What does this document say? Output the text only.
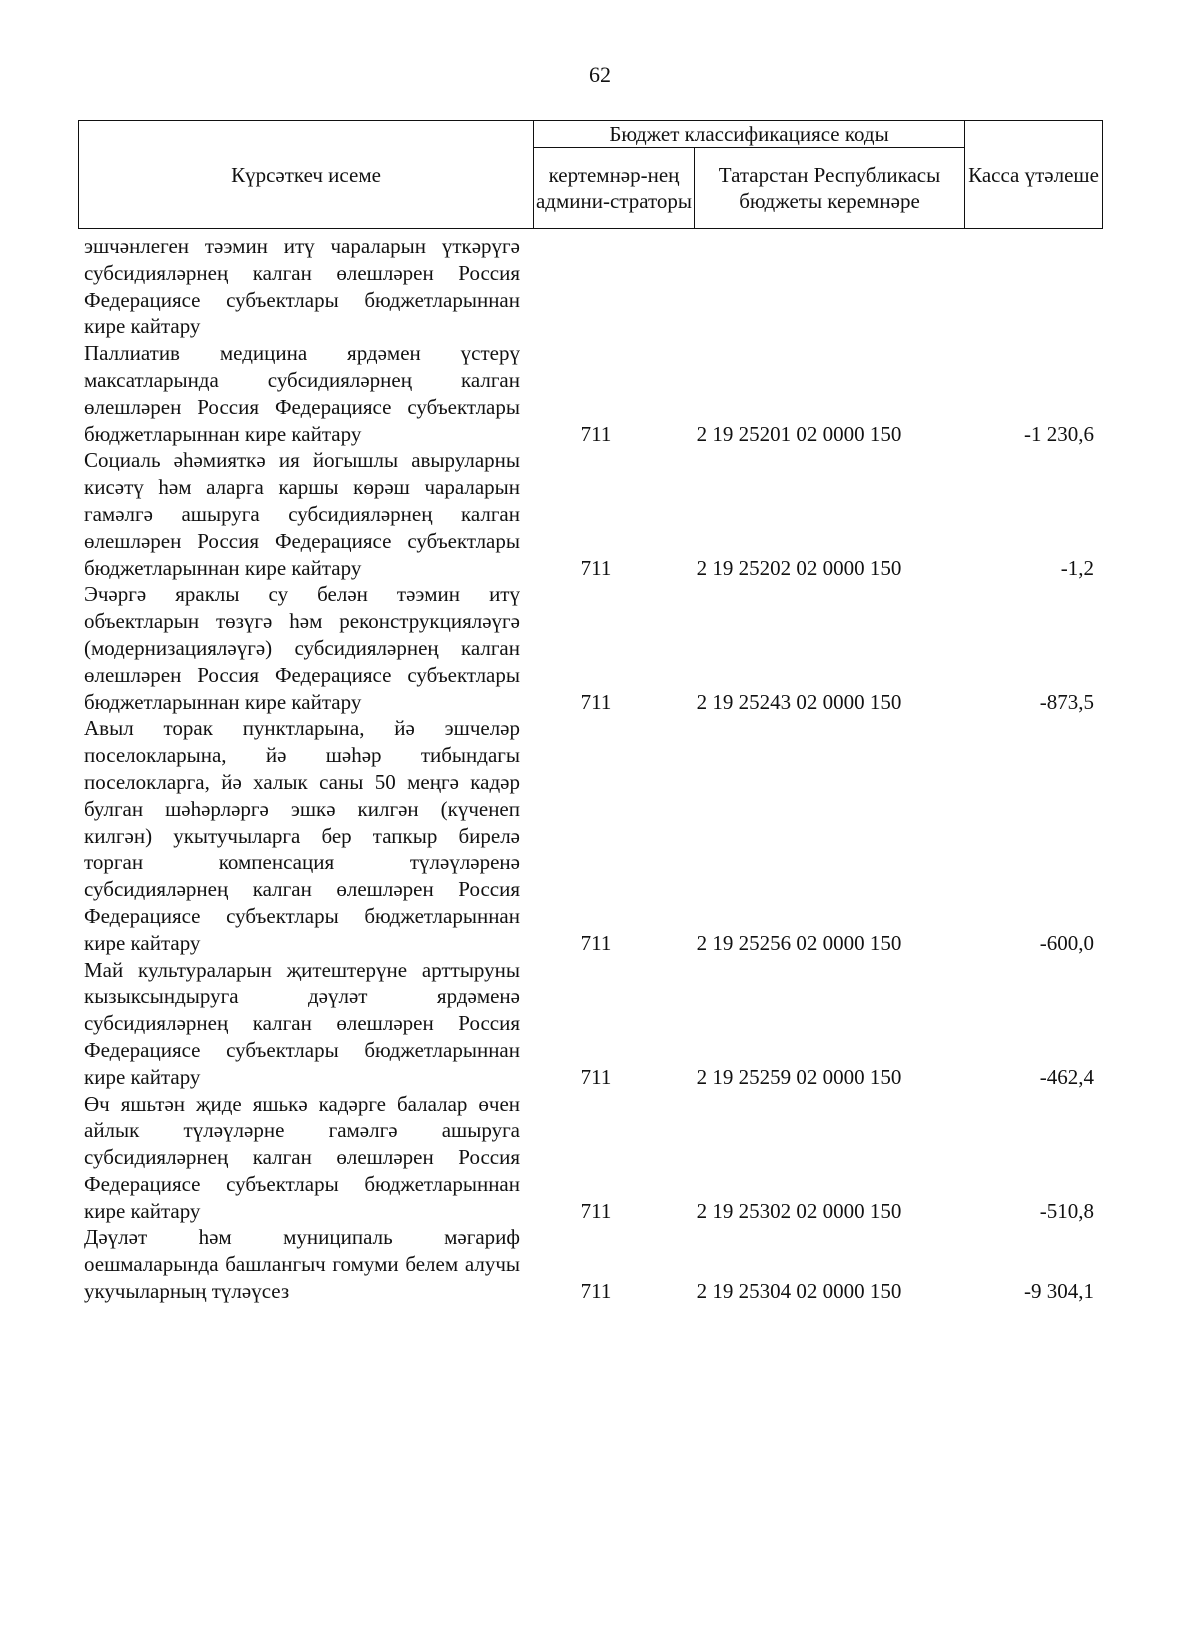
62
Күрсәткеч исеме	Бюджет классификациясе коды		Касса үтәлеше
	кертемнәр-нең админи-страторы	Татарстан Республикасы бюджеты керемнәре	
эшчәнлеген тәэмин итү чараларын үткәрүгә субсидияләрнең калган өлешләрен Россия Федерациясе субъектлары бюджетларыннан кире кайтару
Паллиатив медицина ярдәмен үстерү максатларында субсидияләрнең калган өлешләрен Россия Федерациясе субъектлары бюджетларыннан кире кайтару	711	2 19 25201 02 0000 150	-1 230,6
Социаль әһәмияткә ия йогышлы авыруларны кисәтү һәм аларга каршы көрәш чараларын гамәлгә ашыруга субсидияләрнең калган өлешләрен Россия Федерациясе субъектлары бюджетларыннан кире кайтару	711	2 19 25202 02 0000 150	-1,2
Эчәргә яраклы су белән тәэмин итү объектларын төзүгә һәм реконструкцияләүгә (модернизацияләүгә) субсидияләрнең калган өлешләрен Россия Федерациясе субъектлары бюджетларыннан кире кайтару	711	2 19 25243 02 0000 150	-873,5
Авыл торак пунктларына, йә эшчеләр поселокларына, йә шәһәр тибындагы поселокларга, йә халык саны 50 меңгә кадәр булган шәһәрләргә эшкә килгән (күченеп килгән) укытучыларга бер тапкыр бирелә торган компенсация түләүләренә субсидияләрнең калган өлешләрен Россия Федерациясе субъектлары бюджетларыннан кире кайтару	711	2 19 25256 02 0000 150	-600,0
Май культураларын җитештерүне арттыруны кызыксындыруга дәүләт ярдәменә субсидияләрнең калган өлешләрен Россия Федерациясе субъектлары бюджетларыннан кире кайтару	711	2 19 25259 02 0000 150	-462,4
Өч яшьтән җиде яшькә кадәрге балалар өчен айлык түләүләрне гамәлгә ашыруга субсидияләрнең калган өлешләрен Россия Федерациясе субъектлары бюджетларыннан кире кайтару	711	2 19 25302 02 0000 150	-510,8
Дәүләт һәм муниципаль мәгариф оешмаларында башлангыч гомуми белем алучы укучыларның түләүсез	711	2 19 25304 02 0000 150	-9 304,1
